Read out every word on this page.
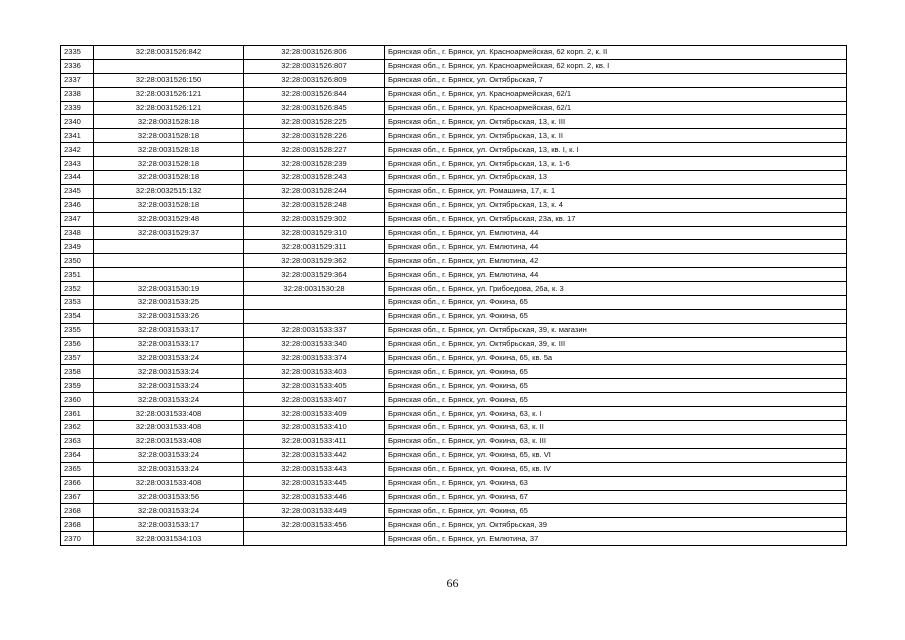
2335	32:28:0031526:842	32:28:0031526:806	Брянская обл., г. Брянск, ул. Красноармейская, 62 корп. 2, к. II
2336		32:28:0031526:807	Брянская обл., г. Брянск, ул. Красноармейская, 62 корп. 2, кв. I
2337	32:28:0031526:150	32:28:0031526:809	Брянская обл., г. Брянск, ул. Октябрьская, 7
2338	32:28:0031526:121	32:28:0031526:844	Брянская обл., г. Брянск, ул. Красноармейская, 62/1
2339	32:28:0031526:121	32:28:0031526:845	Брянская обл., г. Брянск, ул. Красноармейская, 62/1
2340	32:28:0031528:18	32:28:0031528:225	Брянская обл., г. Брянск, ул. Октябрьская, 13, к. III
2341	32:28:0031528:18	32:28:0031528:226	Брянская обл., г. Брянск, ул. Октябрьская, 13, к. II
2342	32:28:0031528:18	32:28:0031528:227	Брянская обл., г. Брянск, ул. Октябрьская, 13, кв. I, к. I
2343	32:28:0031528:18	32:28:0031528:239	Брянская обл., г. Брянск, ул. Октябрьская, 13, к. 1-6
2344	32:28:0031528:18	32:28:0031528:243	Брянская обл., г. Брянск, ул. Октябрьская, 13
2345	32:28:0032515:132	32:28:0031528:244	Брянская обл., г. Брянск, ул. Ромашина, 17, к. 1
2346	32:28:0031528:18	32:28:0031528:248	Брянская обл., г. Брянск, ул. Октябрьская, 13, к. 4
2347	32:28:0031529:48	32:28:0031529:302	Брянская обл., г. Брянск, ул. Октябрьская, 23а, кв. 17
2348	32:28:0031529:37	32:28:0031529:310	Брянская обл., г. Брянск, ул. Емлютина, 44
2349		32:28:0031529:311	Брянская обл., г. Брянск, ул. Емлютина, 44
2350		32:28:0031529:362	Брянская обл., г. Брянск, ул. Емлютина, 42
2351		32:28:0031529:364	Брянская обл., г. Брянск, ул. Емлютина, 44
2352	32:28:0031530:19	32:28:0031530:28	Брянская обл., г. Брянск, ул. Грибоедова, 26а, к. 3
2353	32:28:0031533:25		Брянская обл., г. Брянск, ул. Фокина, 65
2354	32:28:0031533:26		Брянская обл., г. Брянск, ул. Фокина, 65
2355	32:28:0031533:17	32:28:0031533:337	Брянская обл., г. Брянск, ул. Октябрьская, 39, к. магазин
2356	32:28:0031533:17	32:28:0031533:340	Брянская обл., г. Брянск, ул. Октябрьская, 39, к. III
2357	32:28:0031533:24	32:28:0031533:374	Брянская обл., г. Брянск, ул. Фокина, 65, кв. 5а
2358	32:28:0031533:24	32:28:0031533:403	Брянская обл., г. Брянск, ул. Фокина, 65
2359	32:28:0031533:24	32:28:0031533:405	Брянская обл., г. Брянск, ул. Фокина, 65
2360	32:28:0031533:24	32:28:0031533:407	Брянская обл., г. Брянск, ул. Фокина, 65
2361	32:28:0031533:408	32:28:0031533:409	Брянская обл., г. Брянск, ул. Фокина, 63, к. I
2362	32:28:0031533:408	32:28:0031533:410	Брянская обл., г. Брянск, ул. Фокина, 63, к. II
2363	32:28:0031533:408	32:28:0031533:411	Брянская обл., г. Брянск, ул. Фокина, 63, к. III
2364	32:28:0031533:24	32:28:0031533:442	Брянская обл., г. Брянск, ул. Фокина, 65, кв. VI
2365	32:28:0031533:24	32:28:0031533:443	Брянская обл., г. Брянск, ул. Фокина, 65, кв. IV
2366	32:28:0031533:408	32:28:0031533:445	Брянская обл., г. Брянск, ул. Фокина, 63
2367	32:28:0031533:56	32:28:0031533:446	Брянская обл., г. Брянск, ул. Фокина, 67
2368	32:28:0031533:24	32:28:0031533:449	Брянская обл., г. Брянск, ул. Фокина, 65
2368	32:28:0031533:17	32:28:0031533:456	Брянская обл., г. Брянск, ул. Октябрьская, 39
2370	32:28:0031534:103		Брянская обл., г. Брянск, ул. Емлютина, 37
66
